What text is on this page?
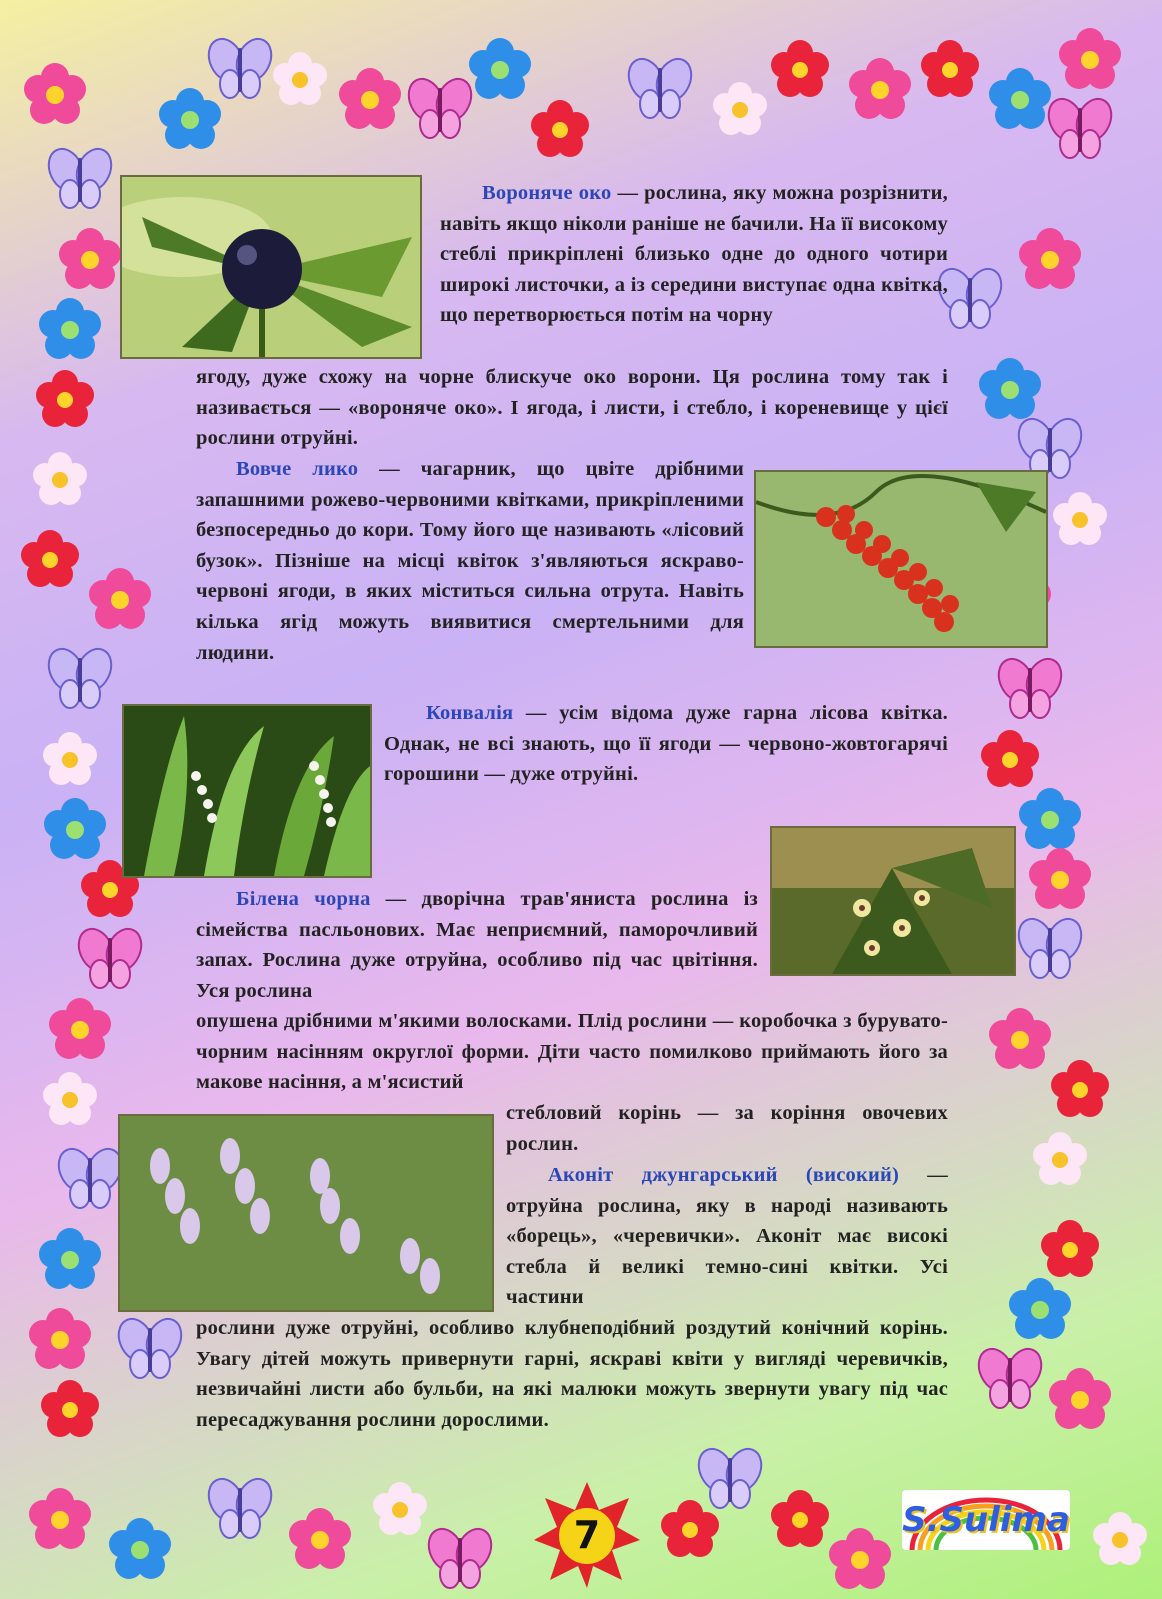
Вороняче око — рослина, яку можна розрізнити, навіть якщо ніколи раніше не бачили. На її високому стеблі прикріплені близько одне до одного чотири широкі листочки, а із середини виступає одна квітка, що перетворюється потім на чорну
ягоду, дуже схожу на чорне блискуче око ворони. Ця рослина тому так і називається — «вороняче око». І ягода, і листи, і стебло, і кореневище у цієї рослини отруйні.
Вовче лико — чагарник, що цвіте дрібними запашними рожево-червоними квітками, прикріпленими безпосередньо до кори. Тому його ще називають «лісовий бузок». Пізніше на місці квіток з'являються яскраво-червоні ягоди, в яких міститься сильна отрута. Навіть кілька ягід можуть виявитися смертельними для людини.
Конвалія — усім відома дуже гарна лісова квітка. Однак, не всі знають, що її ягоди — червоно-жовтогарячі горошини — дуже отруйні.
Білена чорна — дворічна трав'яниста рослина із сімейства пасльонових. Має неприємний, паморочливий запах. Рослина дуже отруйна, особливо під час цвітіння. Уся рослина
опушена дрібними м'якими волосками. Плід рослини — коробочка з бурувато-чорним насінням округлої форми. Діти часто помилково приймають його за макове насіння, а м'ясистий
стебловий корінь — за коріння овочевих рослин.
Аконіт джунгарський (високий) — отруйна рослина, яку в народі називають «борець», «черевички». Аконіт має високі стебла й великі темно-сині квітки. Усі частини
рослини дуже отруйні, особливо клубнеподібний роздутий конічний корінь. Увагу дітей можуть привернути гарні, яскраві квіти у вигляді черевичків, незвичайні листи або бульби, на які малюки можуть звернути увагу під час пересаджування рослини дорослими.
7	S.Sulima
